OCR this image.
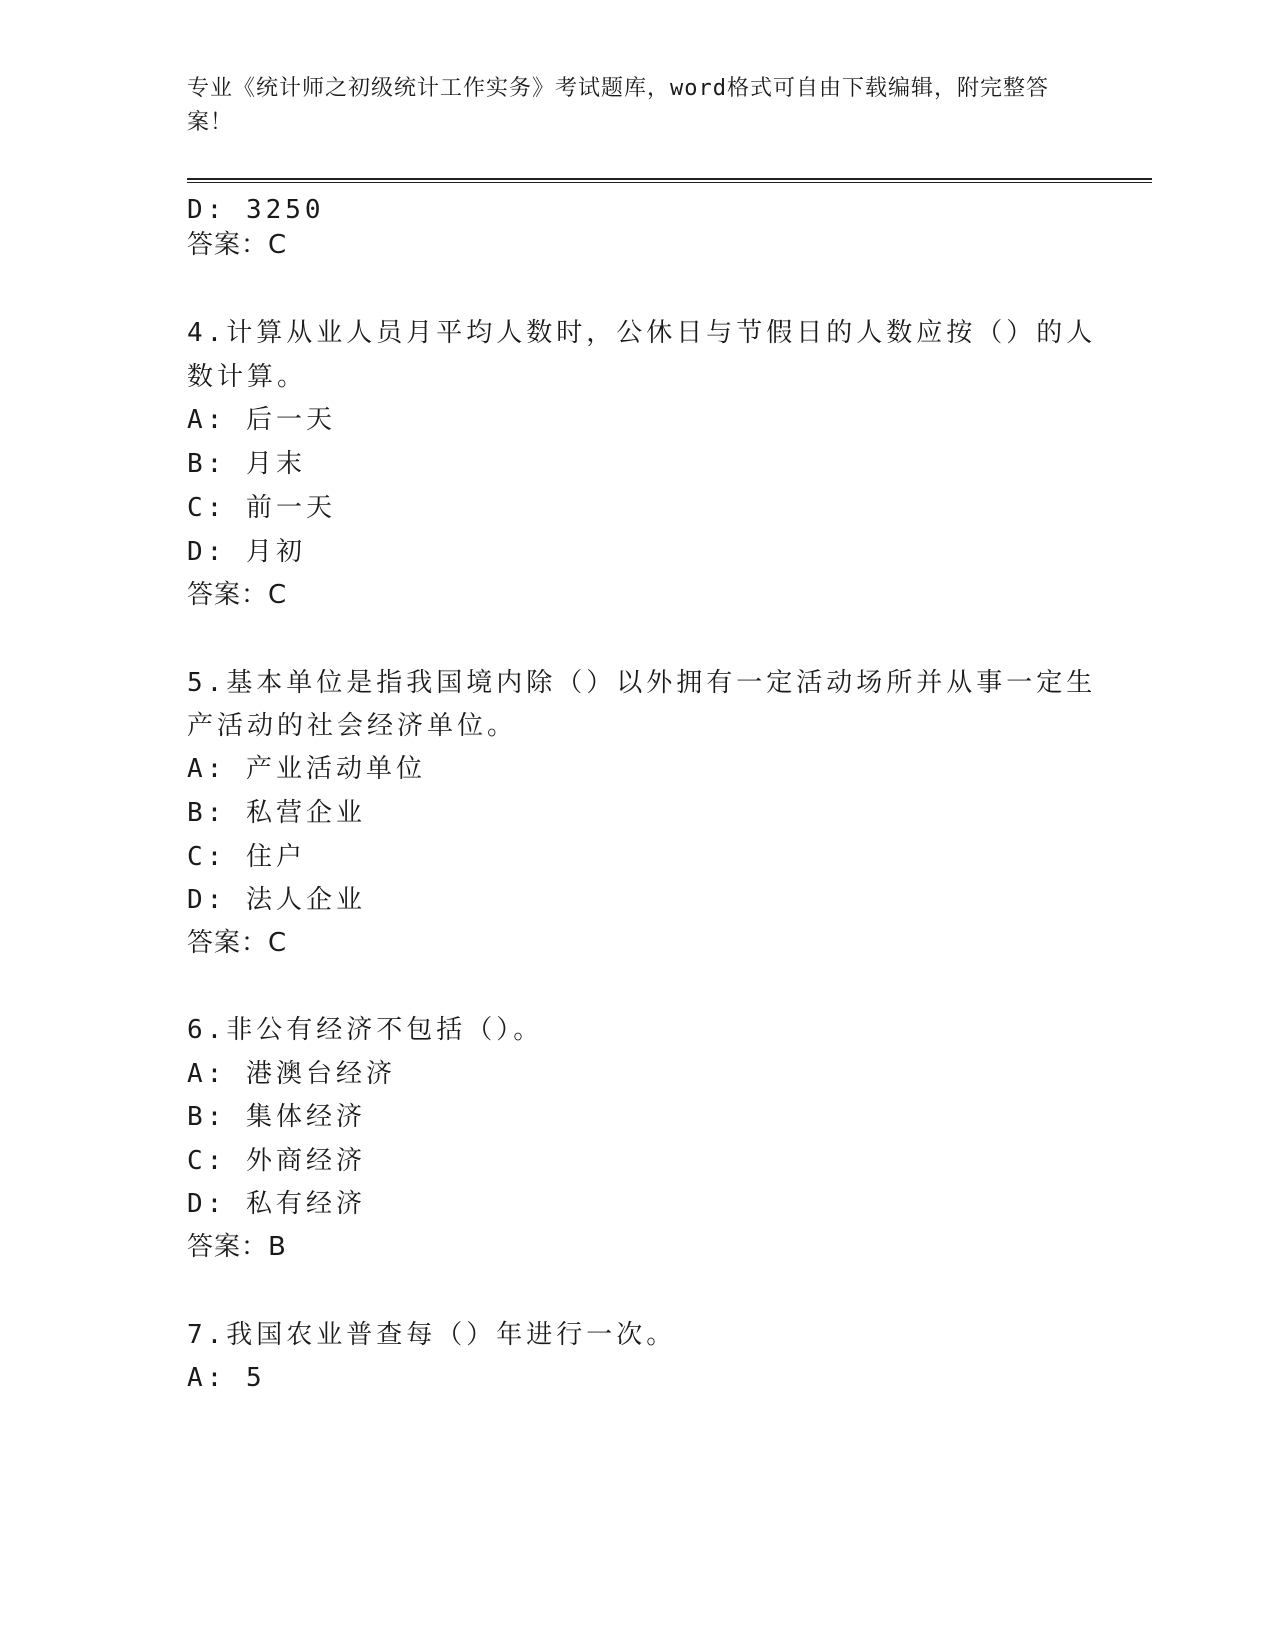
专业《统计师之初级统计工作实务》考试题库，word格式可自由下载编辑，附完整答案！
D: 3250
答案：C
4.计算从业人员月平均人数时，公休日与节假日的人数应按（）的人
数计算。
A: 后一天
B: 月末
C: 前一天
D: 月初
答案：C
5.基本单位是指我国境内除（）以外拥有一定活动场所并从事一定生
产活动的社会经济单位。
A: 产业活动单位
B: 私营企业
C: 住户
D: 法人企业
答案：C
6.非公有经济不包括（）。
A: 港澳台经济
B: 集体经济
C: 外商经济
D: 私有经济
答案：B
7.我国农业普查每（）年进行一次。
A: 5
